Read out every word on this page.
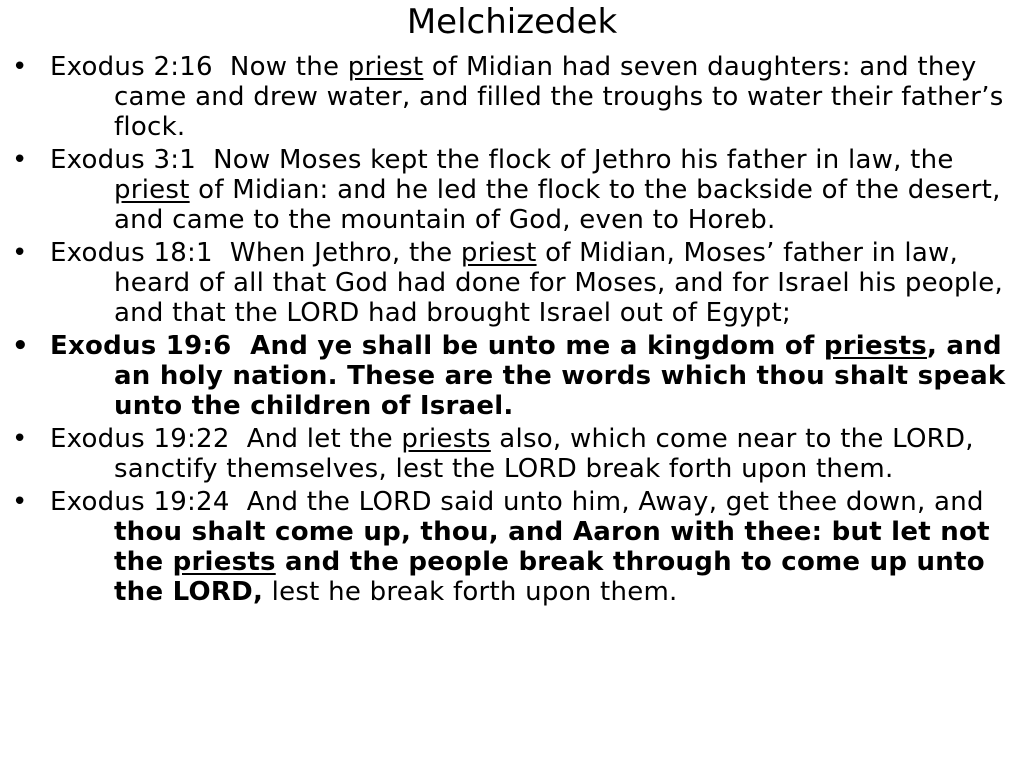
Melchizedek
• Exodus 2:16 Now the priest of Midian had seven daughters: and they came and drew water, and filled the troughs to water their father’s flock.
• Exodus 3:1 Now Moses kept the flock of Jethro his father in law, the priest of Midian: and he led the flock to the backside of the desert, and came to the mountain of God, even to Horeb.
• Exodus 18:1 When Jethro, the priest of Midian, Moses’ father in law, heard of all that God had done for Moses, and for Israel his people, and that the LORD had brought Israel out of Egypt;
• Exodus 19:6 And ye shall be unto me a kingdom of priests, and an holy nation. These are the words which thou shalt speak unto the children of Israel.
• Exodus 19:22 And let the priests also, which come near to the LORD, sanctify themselves, lest the LORD break forth upon them.
• Exodus 19:24 And the LORD said unto him, Away, get thee down, and thou shalt come up, thou, and Aaron with thee: but let not the priests and the people break through to come up unto the LORD, lest he break forth upon them.
